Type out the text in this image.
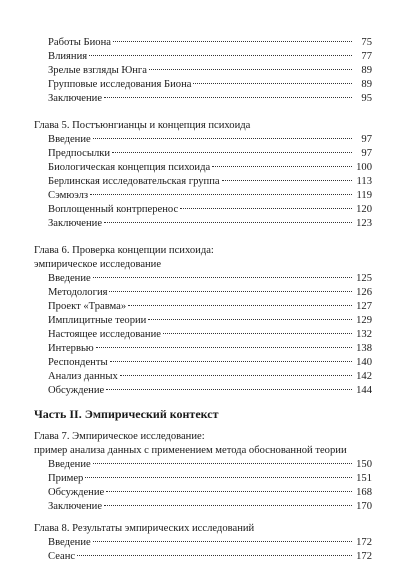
Работы Биона	75
Влияния	77
Зрелые взгляды Юнга	89
Групповые исследования Биона	89
Заключение	95
Глава 5. Постъюнгианцы и концепция психоида
Введение	97
Предпосылки	97
Биологическая концепция психоида	100
Берлинская исследовательская группа	113
Сэмюэлз	119
Воплощенный контрперенос	120
Заключение	123
Глава 6. Проверка концепции психоида:
эмпирическое исследование
Введение	125
Методология	126
Проект «Травма»	127
Имплицитные теории	129
Настоящее исследование	132
Интервью	138
Респонденты	140
Анализ данных	142
Обсуждение	144
Часть II. Эмпирический контекст
Глава 7. Эмпирическое исследование:
пример анализа данных с применением метода обоснованной теории
Введение	150
Пример	151
Обсуждение	168
Заключение	170
Глава 8. Результаты эмпирических исследований
Введение	172
Сеанс	172
